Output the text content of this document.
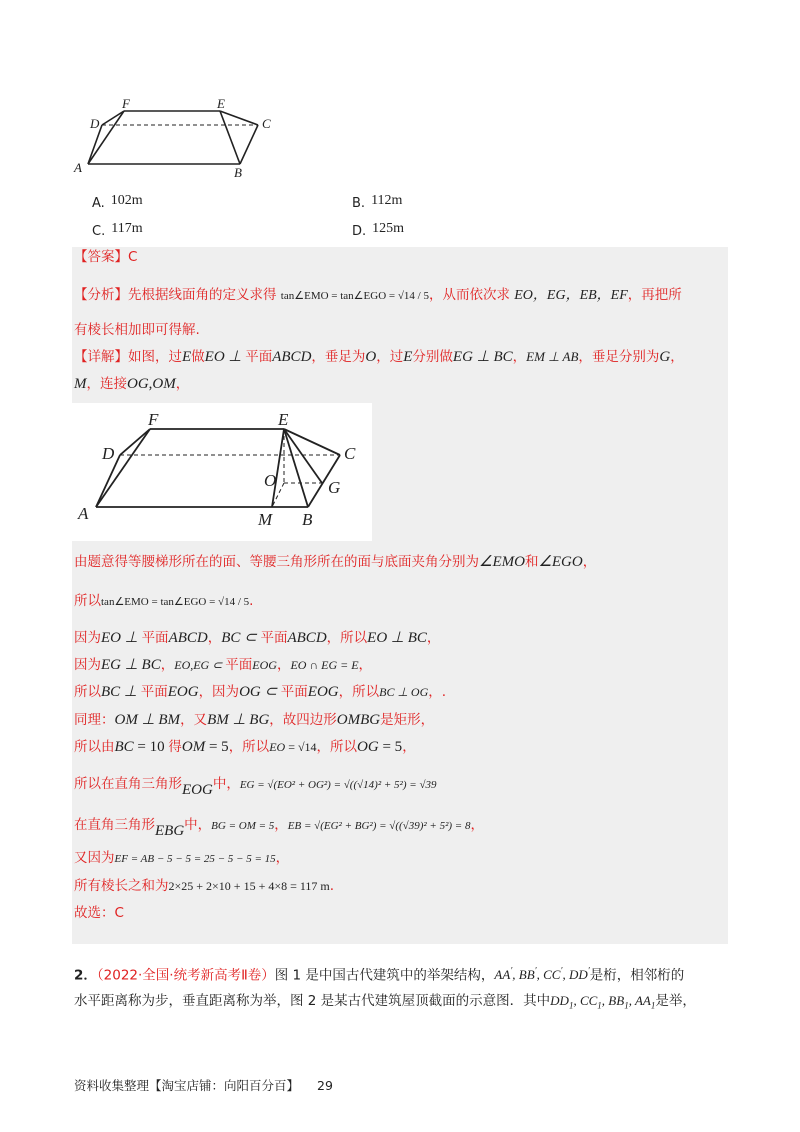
F	E
D	C
A	B
A. 102m	B. 112m
C. 117m	D. 125m
【答案】C
【分析】先根据线面角的定义求得 tan∠EMO = tan∠EGO = √14 / 5，从而依次求 EO，EG，EB，EF，再把所
有棱长相加即可得解.
【详解】如图，过E做EO ⊥ 平面ABCD，垂足为O，过E分别做EG ⊥ BC，EM ⊥ AB，垂足分别为G，
M，连接OG,OM，
F	E
D	C
O	G
A	M B
由题意得等腰梯形所在的面、等腰三角形所在的面与底面夹角分别为∠EMO和∠EGO，
所以tan∠EMO = tan∠EGO = √14 / 5.
因为EO ⊥ 平面ABCD，BC ⊂ 平面ABCD，所以EO ⊥ BC，
因为EG ⊥ BC，EO,EG ⊂ 平面EOG，EO ∩ EG = E，
所以BC ⊥ 平面EOG，因为OG ⊂ 平面EOG，所以BC ⊥ OG，.
同理：OM ⊥ BM，又BM ⊥ BG，故四边形OMBG是矩形，
所以由BC = 10 得OM = 5，所以EO = √14，所以OG = 5，
所以在直角三角形EOG中，EG = √(EO² + OG²) = √((√14)² + 5²) = √39
在直角三角形EBG中，BG = OM = 5，EB = √(EG² + BG²) = √((√39)² + 5²) = 8，
又因为EF = AB − 5 − 5 = 25 − 5 − 5 = 15，
所有棱长之和为2×25 + 2×10 + 15 + 4×8 = 117 m.
故选：C
2．（2022·全国·统考新高考Ⅱ卷）图 1 是中国古代建筑中的举架结构，AA′, BB′, CC′, DD′是桁，相邻桁的
水平距离称为步，垂直距离称为举，图 2 是某古代建筑屋顶截面的示意图．其中$DD_1$, $CC_1$, $BB_1$, $AA_1$是举，
资料收集整理【淘宝店铺：向阳百分百】 29
